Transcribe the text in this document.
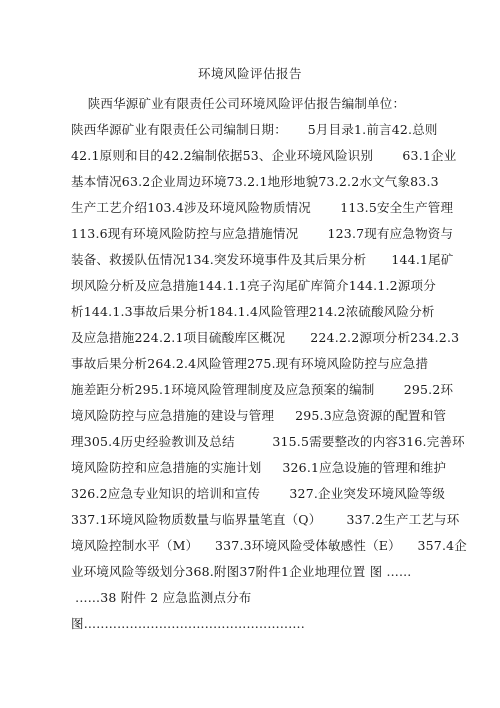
环境风险评估报告
陕西华源矿业有限责任公司环境风险评估报告编制单位：
陕西华源矿业有限责任公司编制日期：     5月目录1.前言42.总则
42.1原则和目的42.2编制依据53、企业环境风险识别       63.1企业
基本情况63.2企业周边环境73.2.1地形地貌73.2.2水文气象83.3
生产工艺介绍103.4涉及环境风险物质情况       113.5安全生产管理
113.6现有环境风险防控与应急措施情况       123.7现有应急物资与
装备、救援队伍情况134.突发环境事件及其后果分析      144.1尾矿
坝风险分析及应急措施144.1.1亮子沟尾矿库简介144.1.2源项分
析144.1.3事故后果分析184.1.4风险管理214.2浓硫酸风险分析
及应急措施224.2.1项目硫酸库区概况      224.2.2源项分析234.2.3
事故后果分析264.2.4风险管理275.现有环境风险防控与应急措
施差距分析295.1环境风险管理制度及应急预案的编制       295.2环
境风险防控与应急措施的建设与管理     295.3应急资源的配置和管
理305.4历史经验教训及总结         315.5需要整改的内容316.完善环
境风险防控和应急措施的实施计划     326.1应急设施的管理和维护
326.2应急专业知识的培训和宣传       327.企业突发环境风险等级
337.1环境风险物质数量与临界量笔直（Q）      337.2生产工艺与环
境风险控制水平（M）    337.3环境风险受体敏感性（E）    357.4企
业环境风险等级划分368.附图37附件1企业地理位置 图 ......
......38 附件 2 应急监测点分布
图.....................................................
